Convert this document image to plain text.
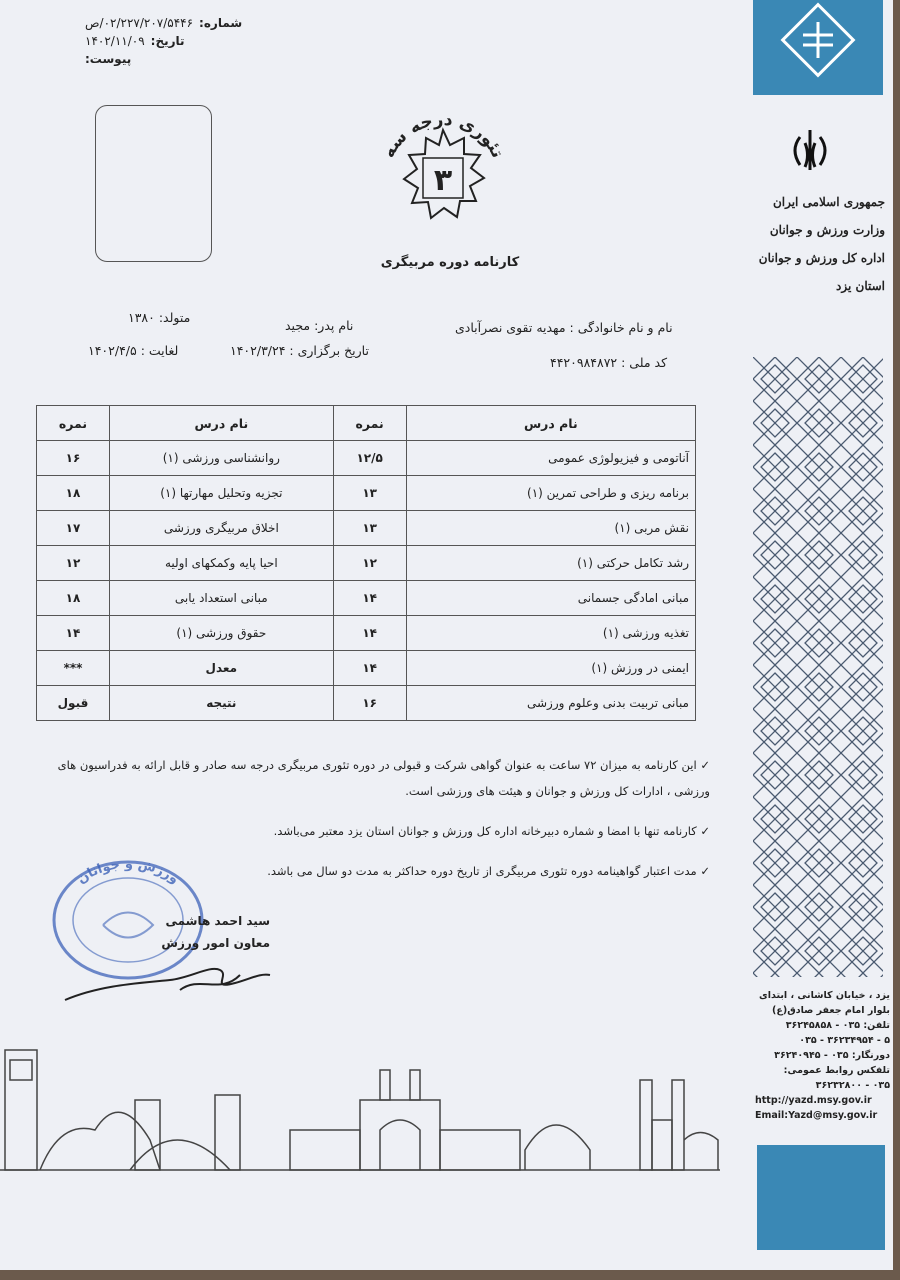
شماره:
۰۲/۲۲۷/۲۰۷/۵۴۴۶/ص
تاریخ:
۱۴۰۲/۱۱/۰۹
پیوست:
تئوری درجه سه
۳
کارنامه دوره مربیگری
نام و نام خانوادگی : مهدیه تقوی نصرآبادی
نام پدر: مجید
متولد: ۱۳۸۰
کد ملی : ۴۴۲۰۹۸۴۸۷۲
تاریخ برگزاری : ۱۴۰۲/۳/۲۴
لغایت : ۱۴۰۲/۴/۵
نام درس	نمره	نام درس	نمره
آناتومی و فیزیولوژی عمومی	۱۲/۵	روانشناسی ورزشی (۱)	۱۶
برنامه ریزی و طراحی تمرین (۱)	۱۳	تجزیه وتحلیل مهارتها (۱)	۱۸
نقش مربی (۱)	۱۳	اخلاق مربیگری ورزشی	۱۷
رشد تکامل حرکتی (۱)	۱۲	احیا پایه وکمکهای اولیه	۱۲
مبانی امادگی جسمانی	۱۴	مبانی استعداد یابی	۱۸
تغذیه ورزشی (۱)	۱۴	حقوق ورزشی (۱)	۱۴
ایمنی در ورزش (۱)	۱۴	معدل	***
مبانی تربیت بدنی وعلوم ورزشی	۱۶	نتیجه	قبول

✓ این کارنامه به میزان ۷۲ ساعت به عنوان گواهی شرکت و قبولی در دوره تئوری مربیگری درجه سه صادر و قابل ارائه به فدراسیون های ورزشی ، ادارات کل ورزش و جوانان و هیئت های ورزشی است.

✓ کارنامه تنها با امضا و شماره دبیرخانه اداره کل ورزش و جوانان استان یزد معتبر می‌باشد.

✓ مدت اعتبار گواهینامه دوره تئوری مربیگری از تاریخ دوره حداکثر به مدت دو سال می باشد.

ورزش و جوانان
سید احمد هاشمی
معاون امور ورزش
جمهوری اسلامی ایران
وزارت ورزش و جوانان
اداره کل ورزش و جوانان
استان یزد
یزد ، خیابان کاشانی ، ابتدای
بلوار امام جعفر صادق(ع)
تلفن: ۰۳۵ - ۳۶۲۴۵۸۵۸
۵ - ۳۶۲۳۴۹۵۴ - ۰۳۵
دورنگار: ۰۳۵ - ۳۶۲۴۰۹۴۵
تلفکس روابط عمومی:
۰۳۵ - ۳۶۲۳۲۸۰۰
http://yazd.msy.gov.ir
Email:Yazd@msy.gov.ir
